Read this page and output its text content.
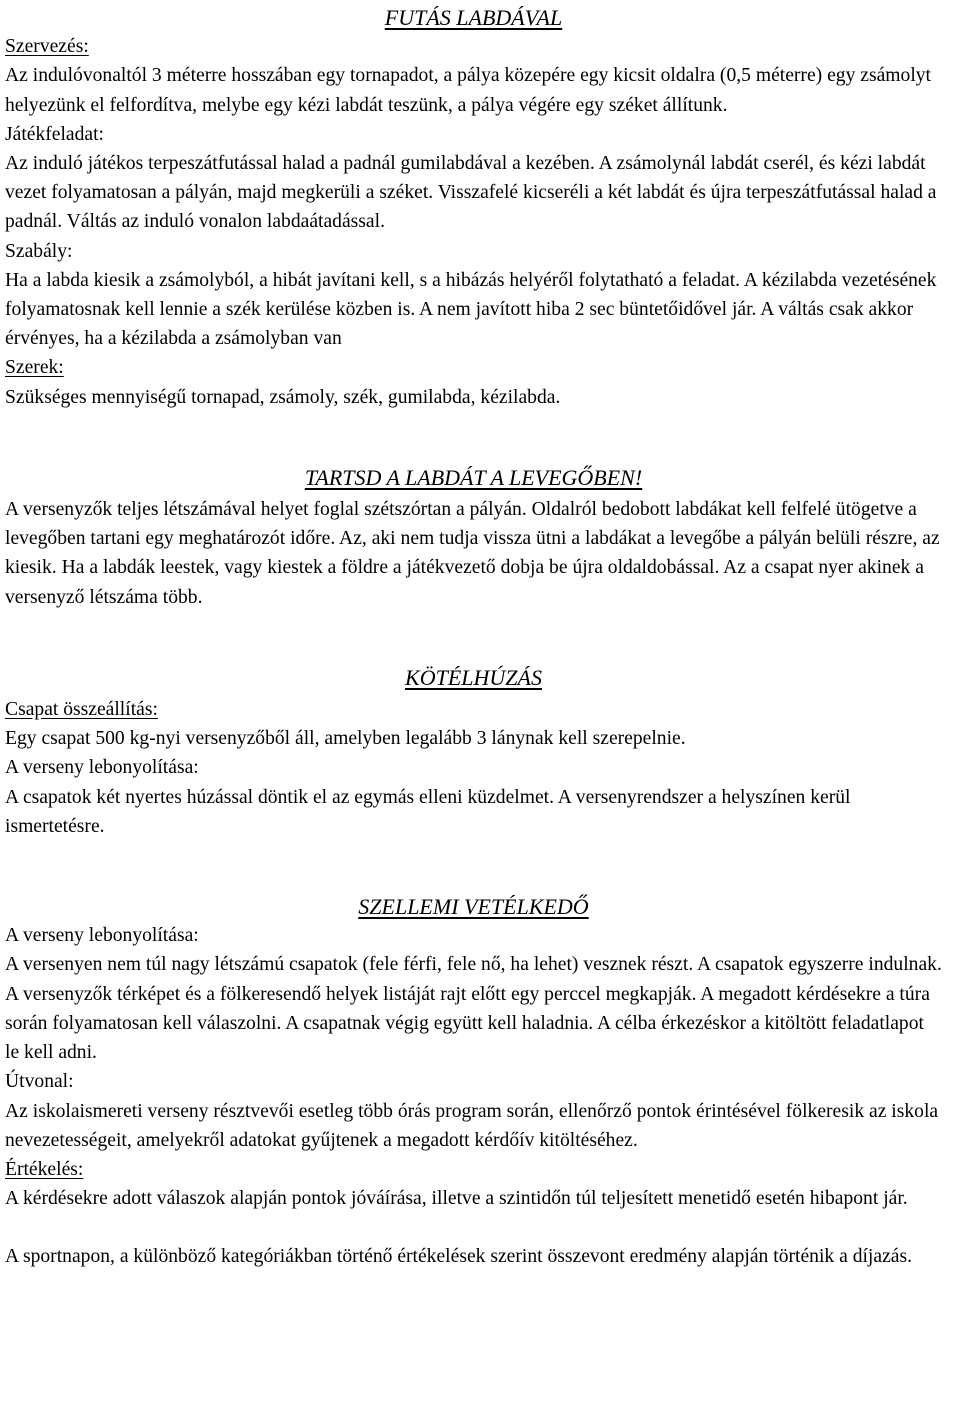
FUTÁS LABDÁVAL

Szervezés:

Az indulóvonaltól 3 méterre hosszában egy tornapadot, a pálya közepére egy kicsit oldalra (0,5 méterre) egy zsámolyt helyezünk el felfordítva, melybe egy kézi labdát teszünk, a pálya végére egy széket állítunk.

Játékfeladat:

Az induló játékos terpeszátfutással halad a padnál gumilabdával a kezében. A zsámolynál labdát cserél, és kézi labdát vezet folyamatosan a pályán, majd megkerüli a széket. Visszafelé kicseréli a két labdát és újra terpeszátfutással halad a padnál. Váltás az induló vonalon labdaátadással.

Szabály:

Ha a labda kiesik a zsámolyból, a hibát javítani kell, s a hibázás helyéről folytatható a feladat. A kézilabda vezetésének folyamatosnak kell lennie a szék kerülése közben is. A nem javított hiba 2 sec büntetőidővel jár. A váltás csak akkor érvényes, ha a kézilabda a zsámolyban van

Szerek:

Szükséges mennyiségű tornapad, zsámoly, szék, gumilabda, kézilabda.

TARTSD A LABDÁT A LEVEGŐBEN!

A versenyzők teljes létszámával helyet foglal szétszórtan a pályán. Oldalról bedobott labdákat kell felfelé ütögetve a levegőben tartani egy meghatározót időre. Az, aki nem tudja vissza ütni a labdákat a levegőbe a pályán belüli részre, az kiesik. Ha a labdák leestek, vagy kiestek a földre a játékvezető dobja be újra oldaldobással. Az a csapat nyer akinek a versenyző létszáma több.

KÖTÉLHÚZÁS

Csapat összeállítás:

Egy csapat 500 kg-nyi versenyzőből áll, amelyben legalább 3 lánynak kell szerepelnie.

A verseny lebonyolítása:

A csapatok két nyertes húzással döntik el az egymás elleni küzdelmet. A versenyrendszer a helyszínen kerül ismertetésre.

SZELLEMI VETÉLKEDŐ

A verseny lebonyolítása:

A versenyen nem túl nagy létszámú csapatok (fele férfi, fele nő, ha lehet) vesznek részt. A csapatok egyszerre indulnak. A versenyzők térképet és a fölkeresendő helyek listáját rajt előtt egy perccel megkapják. A megadott kérdésekre a túra során folyamatosan kell válaszolni. A csapatnak végig együtt kell haladnia. A célba érkezéskor a kitöltött feladatlapot le kell adni.

Útvonal:

Az iskolaismereti verseny résztvevői esetleg több órás program során, ellenőrző pontok érintésével fölkeresik az iskola nevezetességeit, amelyekről adatokat gyűjtenek a megadott kérdőív kitöltéséhez.

Értékelés:

A kérdésekre adott válaszok alapján pontok jóváírása, illetve a szintidőn túl teljesített menetidő esetén hibapont jár.

A sportnapon, a különböző kategóriákban történő értékelések szerint összevont eredmény alapján történik a díjazás.
